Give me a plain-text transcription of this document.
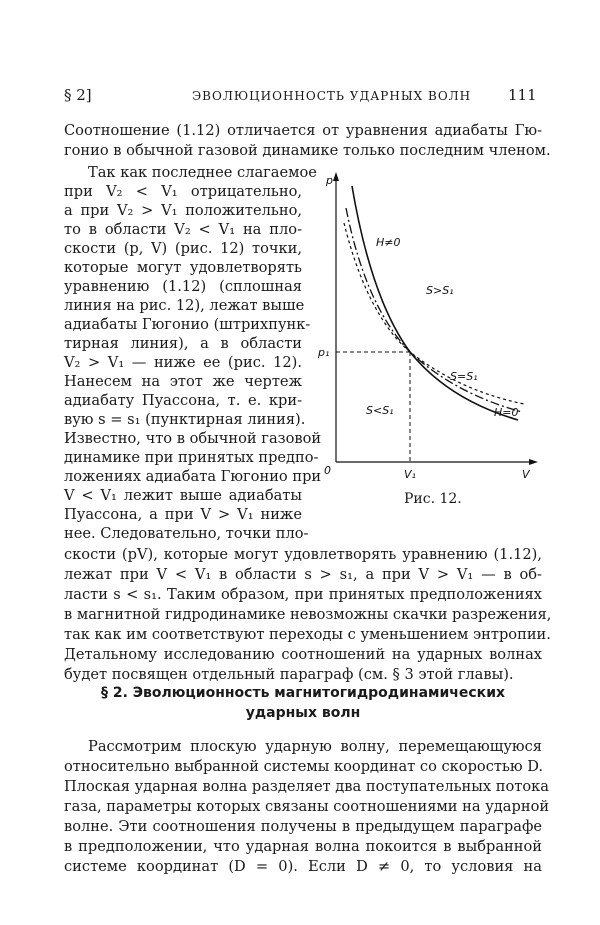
§ 2]	ЭВОЛЮЦИОННОСТЬ УДАРНЫХ ВОЛН 111
Соотношение (1.12) отличается от уравнения адиабаты Гю-
гонио в обычной газовой динамике только последним членом.
Так как последнее слагаемое
при V₂ < V₁ отрицательно,
а при V₂ > V₁ положительно,
то в области V₂ < V₁ на пло-
скости (p, V) (рис. 12) точки,
которые могут удовлетворять
уравнению (1.12) (сплошная
линия на рис. 12), лежат выше
адиабаты Гюгонио (штрихпунк-
тирная линия), а в области
V₂ > V₁ — ниже ее (рис. 12).
Нанесем на этот же чертеж
адиабату Пуассона, т. е. кри-
вую s = s₁ (пунктирная линия).
Известно, что в обычной газовой
динамике при принятых предпо-
ложениях адиабата Гюгонио при
V < V₁ лежит выше адиабаты
Пуассона, а при V > V₁ ниже
нее. Следовательно, точки пло-
скости (pV), которые могут удовлетворять уравнению (1.12),
лежат при V < V₁ в области s > s₁, а при V > V₁ — в об-
ласти s < s₁. Таким образом, при принятых предположениях
в магнитной гидродинамике невозможны скачки разрежения,
так как им соответствуют переходы с уменьшением энтропии.
Детальному исследованию соотношений на ударных волнах
будет посвящен отдельный параграф (см. § 3 этой главы).
p
V
0
p₁
V₁
H≠0
H=0
S>S₁
S=S₁
S<S₁
Рис. 12.
§ 2. Эволюционность магнитогидродинамических
ударных волн
Рассмотрим плоскую ударную волну, перемещающуюся
относительно выбранной системы координат со скоростью D.
Плоская ударная волна разделяет два поступательных потока
газа, параметры которых связаны соотношениями на ударной
волне. Эти соотношения получены в предыдущем параграфе
в предположении, что ударная волна покоится в выбранной
системе координат (D = 0). Если D ≠ 0, то условия на
